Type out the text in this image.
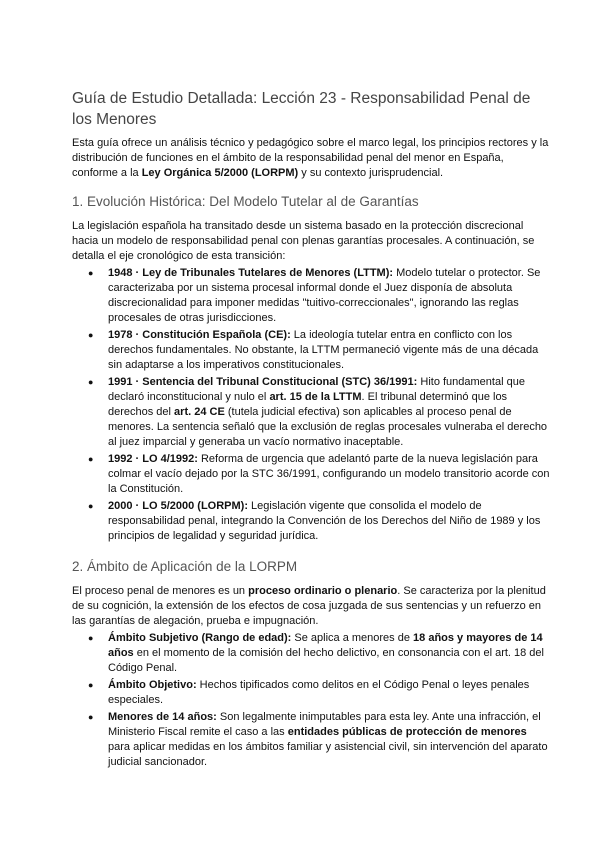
Guía de Estudio Detallada: Lección 23 - Responsabilidad Penal de los Menores

Esta guía ofrece un análisis técnico y pedagógico sobre el marco legal, los principios rectores y la distribución de funciones en el ámbito de la responsabilidad penal del menor en España, conforme a la Ley Orgánica 5/2000 (LORPM) y su contexto jurisprudencial.

1. Evolución Histórica: Del Modelo Tutelar al de Garantías

La legislación española ha transitado desde un sistema basado en la protección discrecional hacia un modelo de responsabilidad penal con plenas garantías procesales. A continuación, se detalla el eje cronológico de esta transición:

● 1948 · Ley de Tribunales Tutelares de Menores (LTTM): Modelo tutelar o protector. Se caracterizaba por un sistema procesal informal donde el Juez disponía de absoluta discrecionalidad para imponer medidas "tuitivo-correccionales", ignorando las reglas procesales de otras jurisdicciones.
● 1978 · Constitución Española (CE): La ideología tutelar entra en conflicto con los derechos fundamentales. No obstante, la LTTM permaneció vigente más de una década sin adaptarse a los imperativos constitucionales.
● 1991 · Sentencia del Tribunal Constitucional (STC) 36/1991: Hito fundamental que declaró inconstitucional y nulo el art. 15 de la LTTM. El tribunal determinó que los derechos del art. 24 CE (tutela judicial efectiva) son aplicables al proceso penal de menores. La sentencia señaló que la exclusión de reglas procesales vulneraba el derecho al juez imparcial y generaba un vacío normativo inaceptable.
● 1992 · LO 4/1992: Reforma de urgencia que adelantó parte de la nueva legislación para colmar el vacío dejado por la STC 36/1991, configurando un modelo transitorio acorde con la Constitución.
● 2000 · LO 5/2000 (LORPM): Legislación vigente que consolida el modelo de responsabilidad penal, integrando la Convención de los Derechos del Niño de 1989 y los principios de legalidad y seguridad jurídica.
2. Ámbito de Aplicación de la LORPM

El proceso penal de menores es un proceso ordinario o plenario. Se caracteriza por la plenitud de su cognición, la extensión de los efectos de cosa juzgada de sus sentencias y un refuerzo en las garantías de alegación, prueba e impugnación.

● Ámbito Subjetivo (Rango de edad): Se aplica a menores de 18 años y mayores de 14 años en el momento de la comisión del hecho delictivo, en consonancia con el art. 18 del Código Penal.
● Ámbito Objetivo: Hechos tipificados como delitos en el Código Penal o leyes penales especiales.
● Menores de 14 años: Son legalmente inimputables para esta ley. Ante una infracción, el Ministerio Fiscal remite el caso a las entidades públicas de protección de menores para aplicar medidas en los ámbitos familiar y asistencial civil, sin intervención del aparato judicial sancionador.
